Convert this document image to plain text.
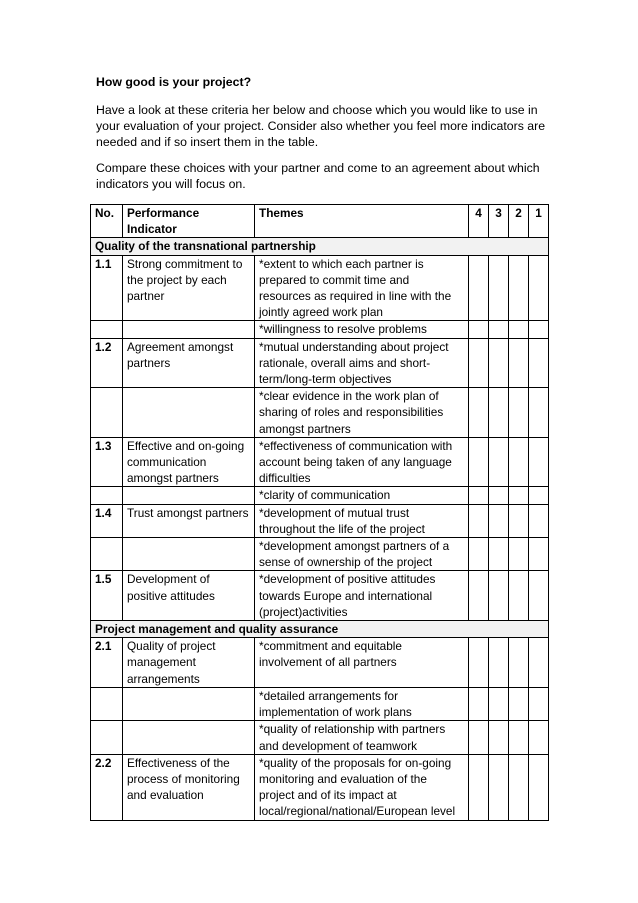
How good is your project?

Have a look at these criteria her below and choose which you would like to use in your evaluation of your project. Consider also whether you feel more indicators are needed and if so insert them in the table.

Compare these choices with your partner and come to an agreement about which indicators you will focus on.

No.	Performance Indicator	Themes	4	3	2	1
Quality of the transnational partnership						
1.1	Strong commitment to the project by each partner	*extent to which each partner is prepared to commit time and resources as required in line with the jointly agreed work plan				
		*willingness to resolve problems				
1.2	Agreement amongst partners	*mutual understanding about project rationale, overall aims and short-term/long-term objectives				
		*clear evidence in the work plan of sharing of roles and responsibilities amongst partners				
1.3	Effective and on-going communication amongst partners	*effectiveness of communication with account being taken of any language difficulties				
		*clarity of communication				
1.4	Trust amongst partners	*development of mutual trust throughout the life of the project				
		*development amongst partners of a sense of ownership of the project				
1.5	Development of positive attitudes	*development of positive attitudes towards Europe and international (project)activities				
Project management and quality assurance						
2.1	Quality of project management arrangements	*commitment and equitable involvement of all partners				
		*detailed arrangements for implementation of work plans				
		*quality of relationship with partners and development of teamwork				
2.2	Effectiveness of the process of monitoring and evaluation	*quality of the proposals for on-going monitoring and evaluation of the project and of its impact at local/regional/national/European level				
